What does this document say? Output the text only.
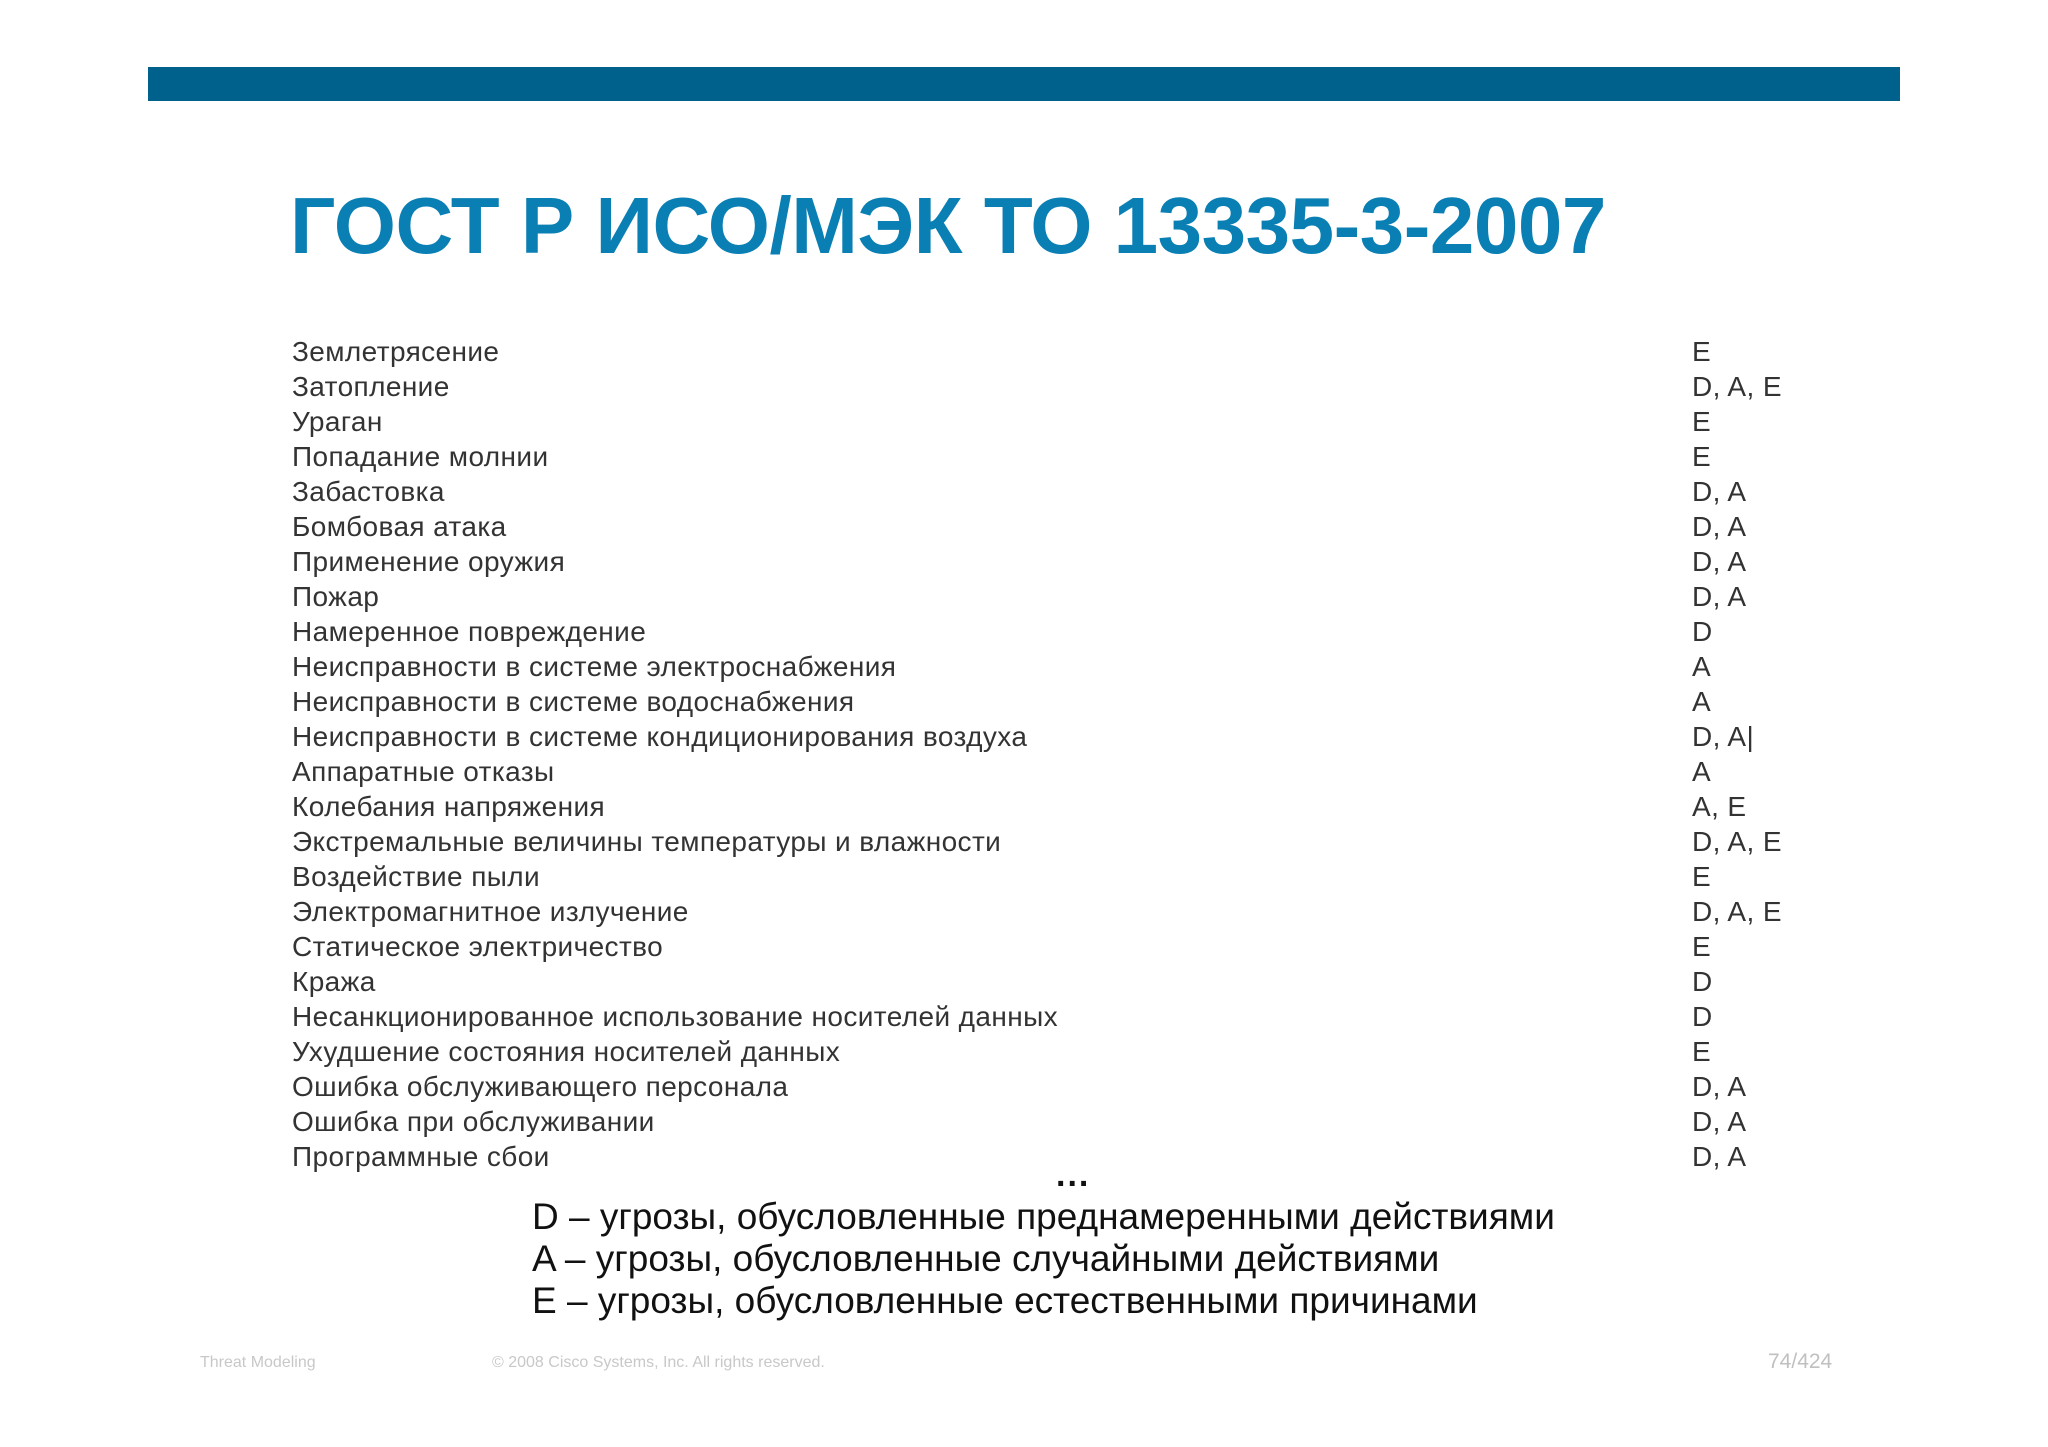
ГОСТ Р ИСО/МЭК ТО 13335-3-2007
Землетрясение	E
Затопление	D, A, E
Ураган	E
Попадание молнии	E
Забастовка	D, A
Бомбовая атака	D, A
Применение оружия	D, A
Пожар	D, A
Намеренное повреждение	D
Неисправности в системе электроснабжения	A
Неисправности в системе водоснабжения	A
Неисправности в системе кондиционирования воздуха	D, A|
Аппаратные отказы	A
Колебания напряжения	A, E
Экстремальные величины температуры и влажности	D, A, E
Воздействие пыли	E
Электромагнитное излучение	D, A, E
Статическое электричество	E
Кража	D
Несанкционированное использование носителей данных	D
Ухудшение состояния носителей данных	E
Ошибка обслуживающего персонала	D, A
Ошибка при обслуживании	D, A
Программные сбои	D, A
...
D – угрозы, обусловленные преднамеренными действиями
A – угрозы, обусловленные случайными действиями
E – угрозы, обусловленные естественными причинами
Threat Modeling	© 2008 Cisco Systems, Inc. All rights reserved.	74/424
